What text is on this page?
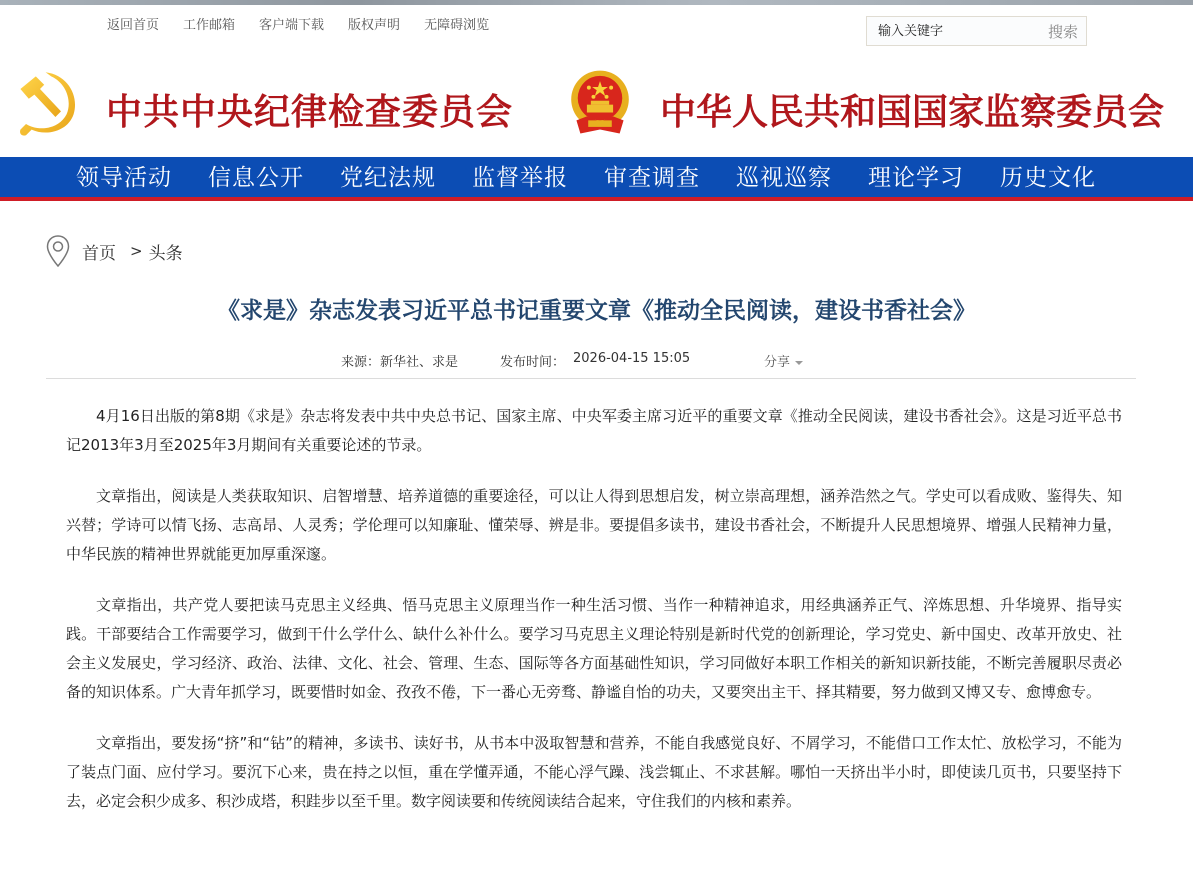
返回首页 工作邮箱 客户端下载 版权声明 无障碍浏览
输入关键字	搜索
中共中央纪律检查委员会	中华人民共和国国家监察委员会
领导活动 信息公开 党纪法规 监督举报 审查调查 巡视巡察 理论学习 历史文化
首页 > 头条
《求是》杂志发表习近平总书记重要文章《推动全民阅读，建设书香社会》
来源：新华社、求是	发布时间： 2026-04-15 15:05	分享

4月16日出版的第8期《求是》杂志将发表中共中央总书记、国家主席、中央军委主席习近平的重要文章《推动全民阅读，建设书香社会》。这是习近平总书记2013年3月至2025年3月期间有关重要论述的节录。

文章指出，阅读是人类获取知识、启智增慧、培养道德的重要途径，可以让人得到思想启发，树立崇高理想，涵养浩然之气。学史可以看成败、鉴得失、知兴替；学诗可以情飞扬、志高昂、人灵秀；学伦理可以知廉耻、懂荣辱、辨是非。要提倡多读书，建设书香社会，不断提升人民思想境界、增强人民精神力量，中华民族的精神世界就能更加厚重深邃。

文章指出，共产党人要把读马克思主义经典、悟马克思主义原理当作一种生活习惯、当作一种精神追求，用经典涵养正气、淬炼思想、升华境界、指导实践。干部要结合工作需要学习，做到干什么学什么、缺什么补什么。要学习马克思主义理论特别是新时代党的创新理论，学习党史、新中国史、改革开放史、社会主义发展史，学习经济、政治、法律、文化、社会、管理、生态、国际等各方面基础性知识，学习同做好本职工作相关的新知识新技能，不断完善履职尽责必备的知识体系。广大青年抓学习，既要惜时如金、孜孜不倦，下一番心无旁骛、静谧自怡的功夫，又要突出主干、择其精要，努力做到又博又专、愈博愈专。

文章指出，要发扬“挤”和“钻”的精神，多读书、读好书，从书本中汲取智慧和营养，不能自我感觉良好、不屑学习，不能借口工作太忙、放松学习，不能为了装点门面、应付学习。要沉下心来，贵在持之以恒，重在学懂弄通，不能心浮气躁、浅尝辄止、不求甚解。哪怕一天挤出半小时，即使读几页书，只要坚持下去，必定会积少成多、积沙成塔，积跬步以至千里。数字阅读要和传统阅读结合起来，守住我们的内核和素养。
